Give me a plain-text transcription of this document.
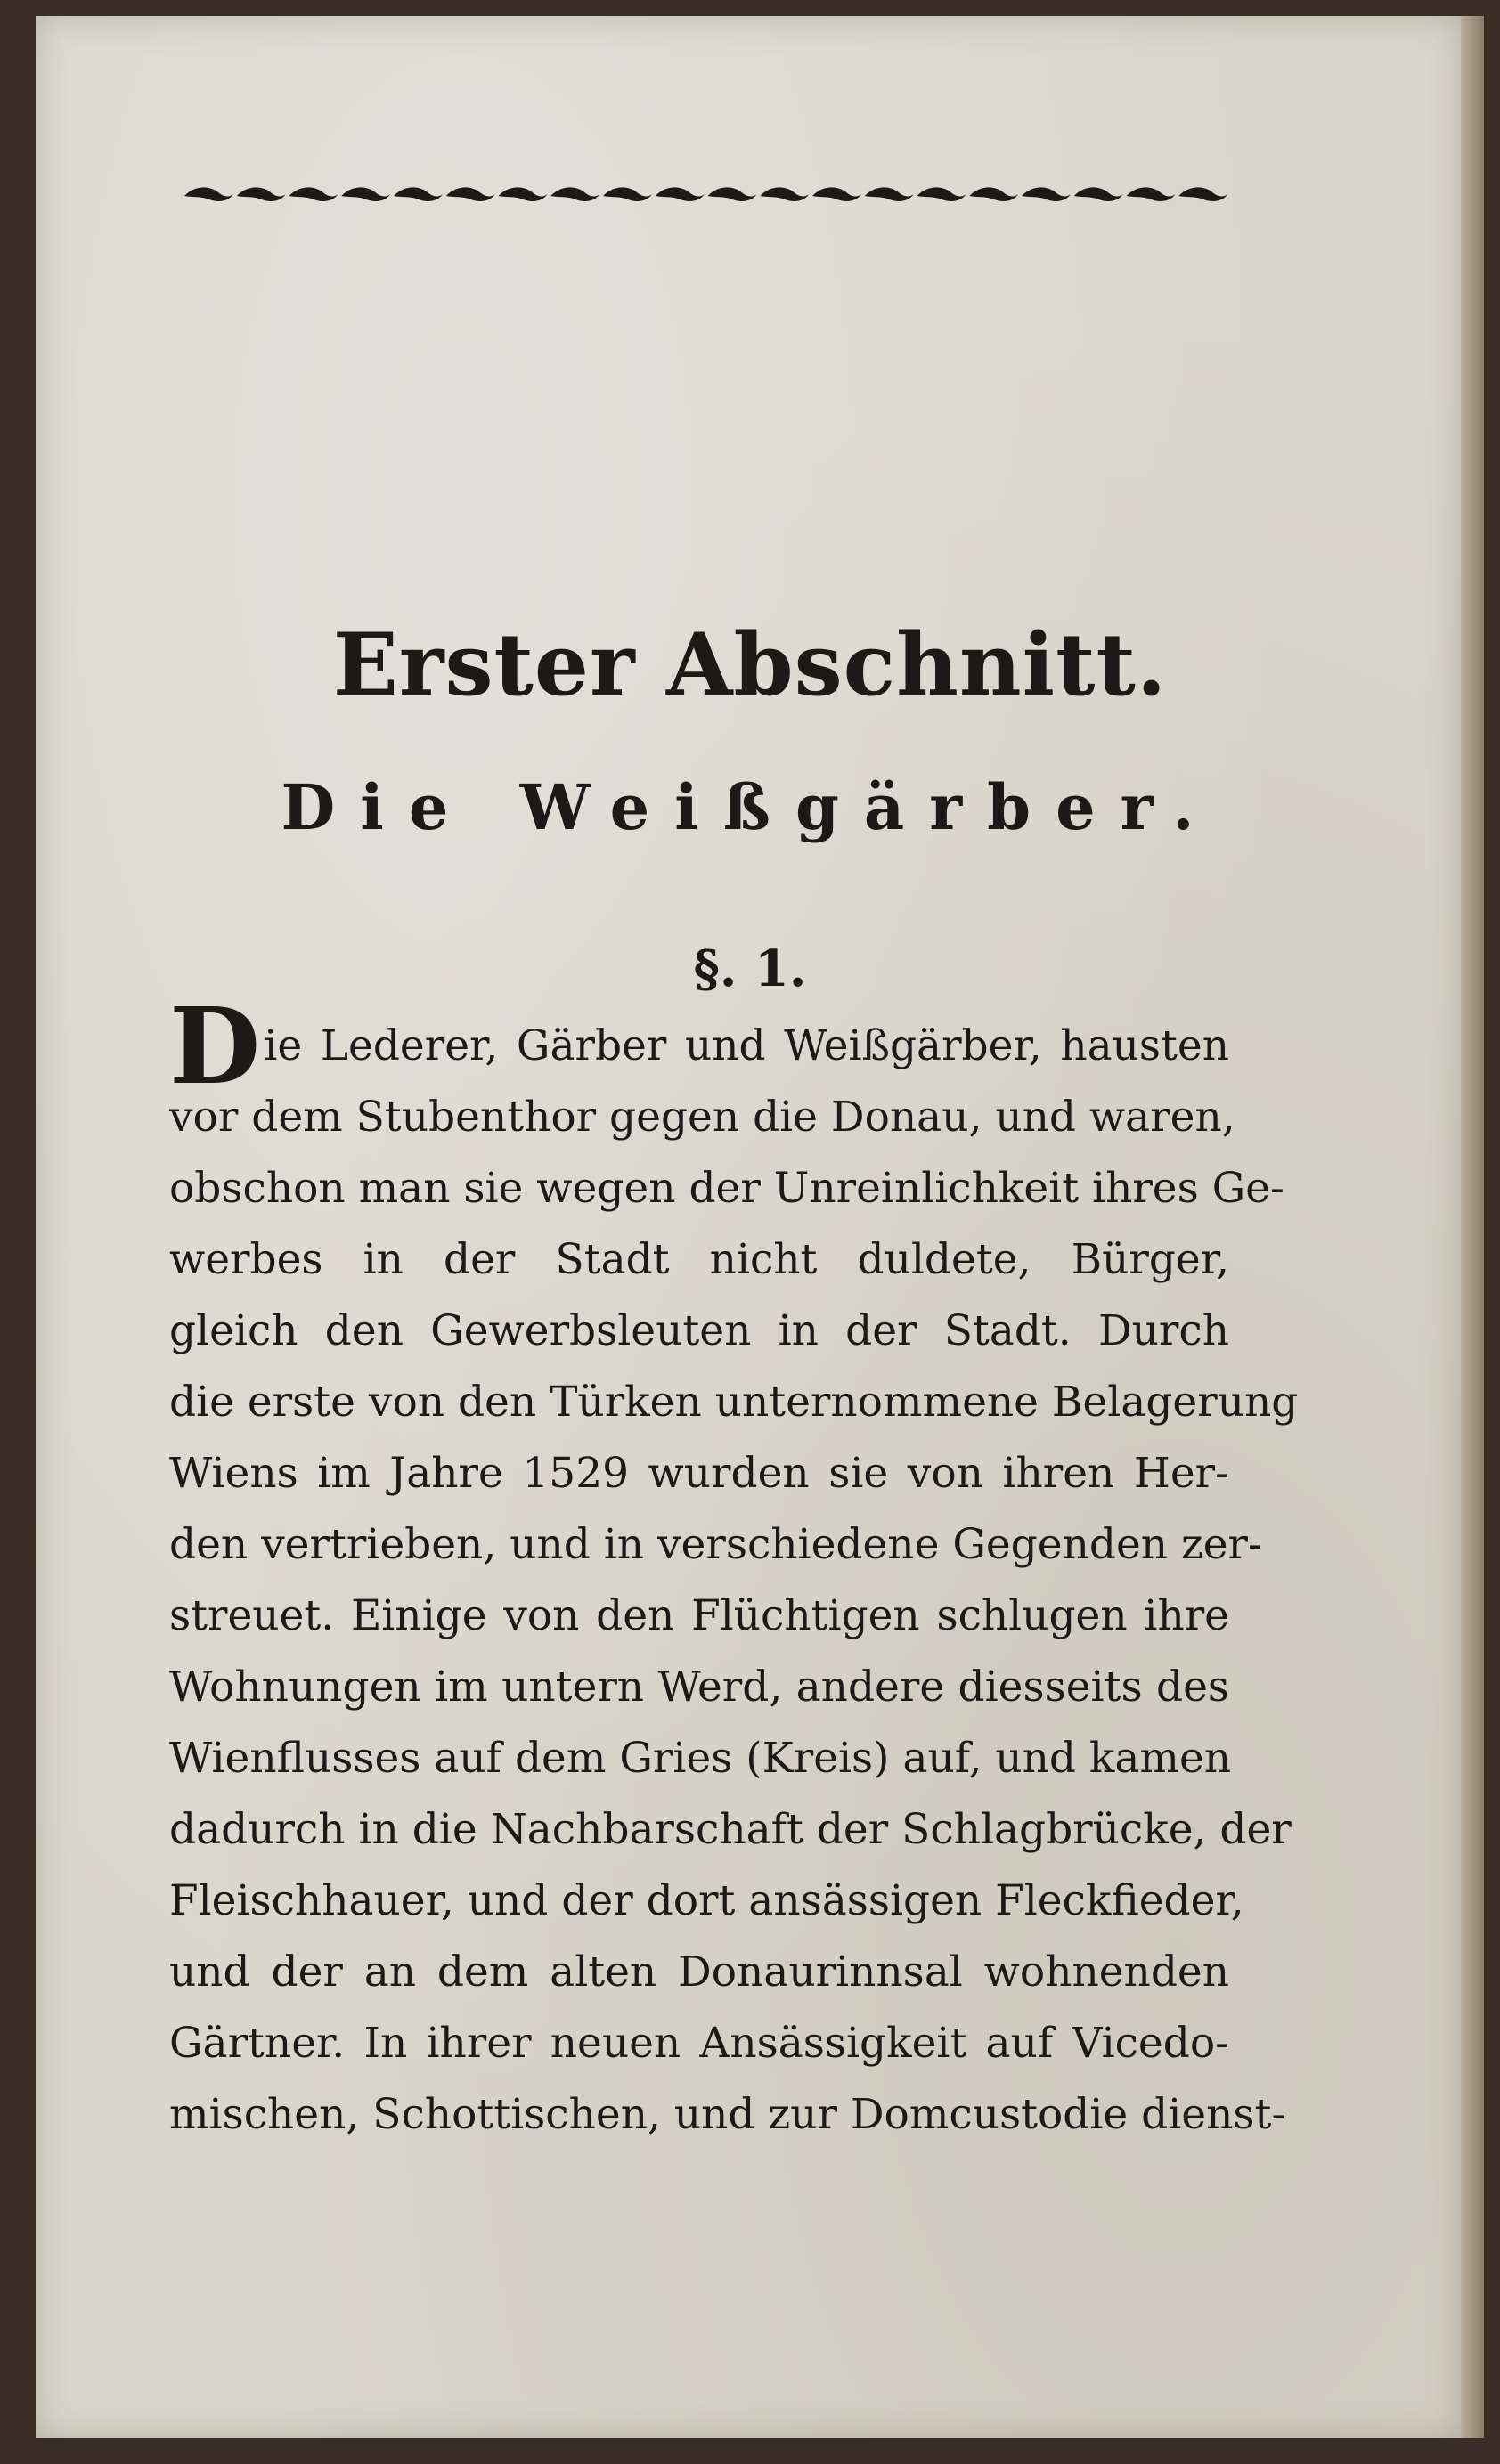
Erster Abschnitt.
Die Weißgärber.
§. 1.
D ie Lederer, Gärber und Weißgärber, hausten
vor dem Stubenthor gegen die Donau, und waren,
obschon man sie wegen der Unreinlichkeit ihres Ge-
werbes in der Stadt nicht duldete, Bürger,
gleich den Gewerbsleuten in der Stadt. Durch
die erste von den Türken unternommene Belagerung
Wiens im Jahre 1529 wurden sie von ihren Her-
den vertrieben, und in verschiedene Gegenden zer-
streuet. Einige von den Flüchtigen schlugen ihre
Wohnungen im untern Werd, andere diesseits des
Wienflusses auf dem Gries (Kreis) auf, und kamen
dadurch in die Nachbarschaft der Schlagbrücke, der
Fleischhauer, und der dort ansässigen Fleckfieder,
und der an dem alten Donaurinnsal wohnenden
Gärtner. In ihrer neuen Ansässigkeit auf Vicedo-
mischen, Schottischen, und zur Domcustodie dienst-
